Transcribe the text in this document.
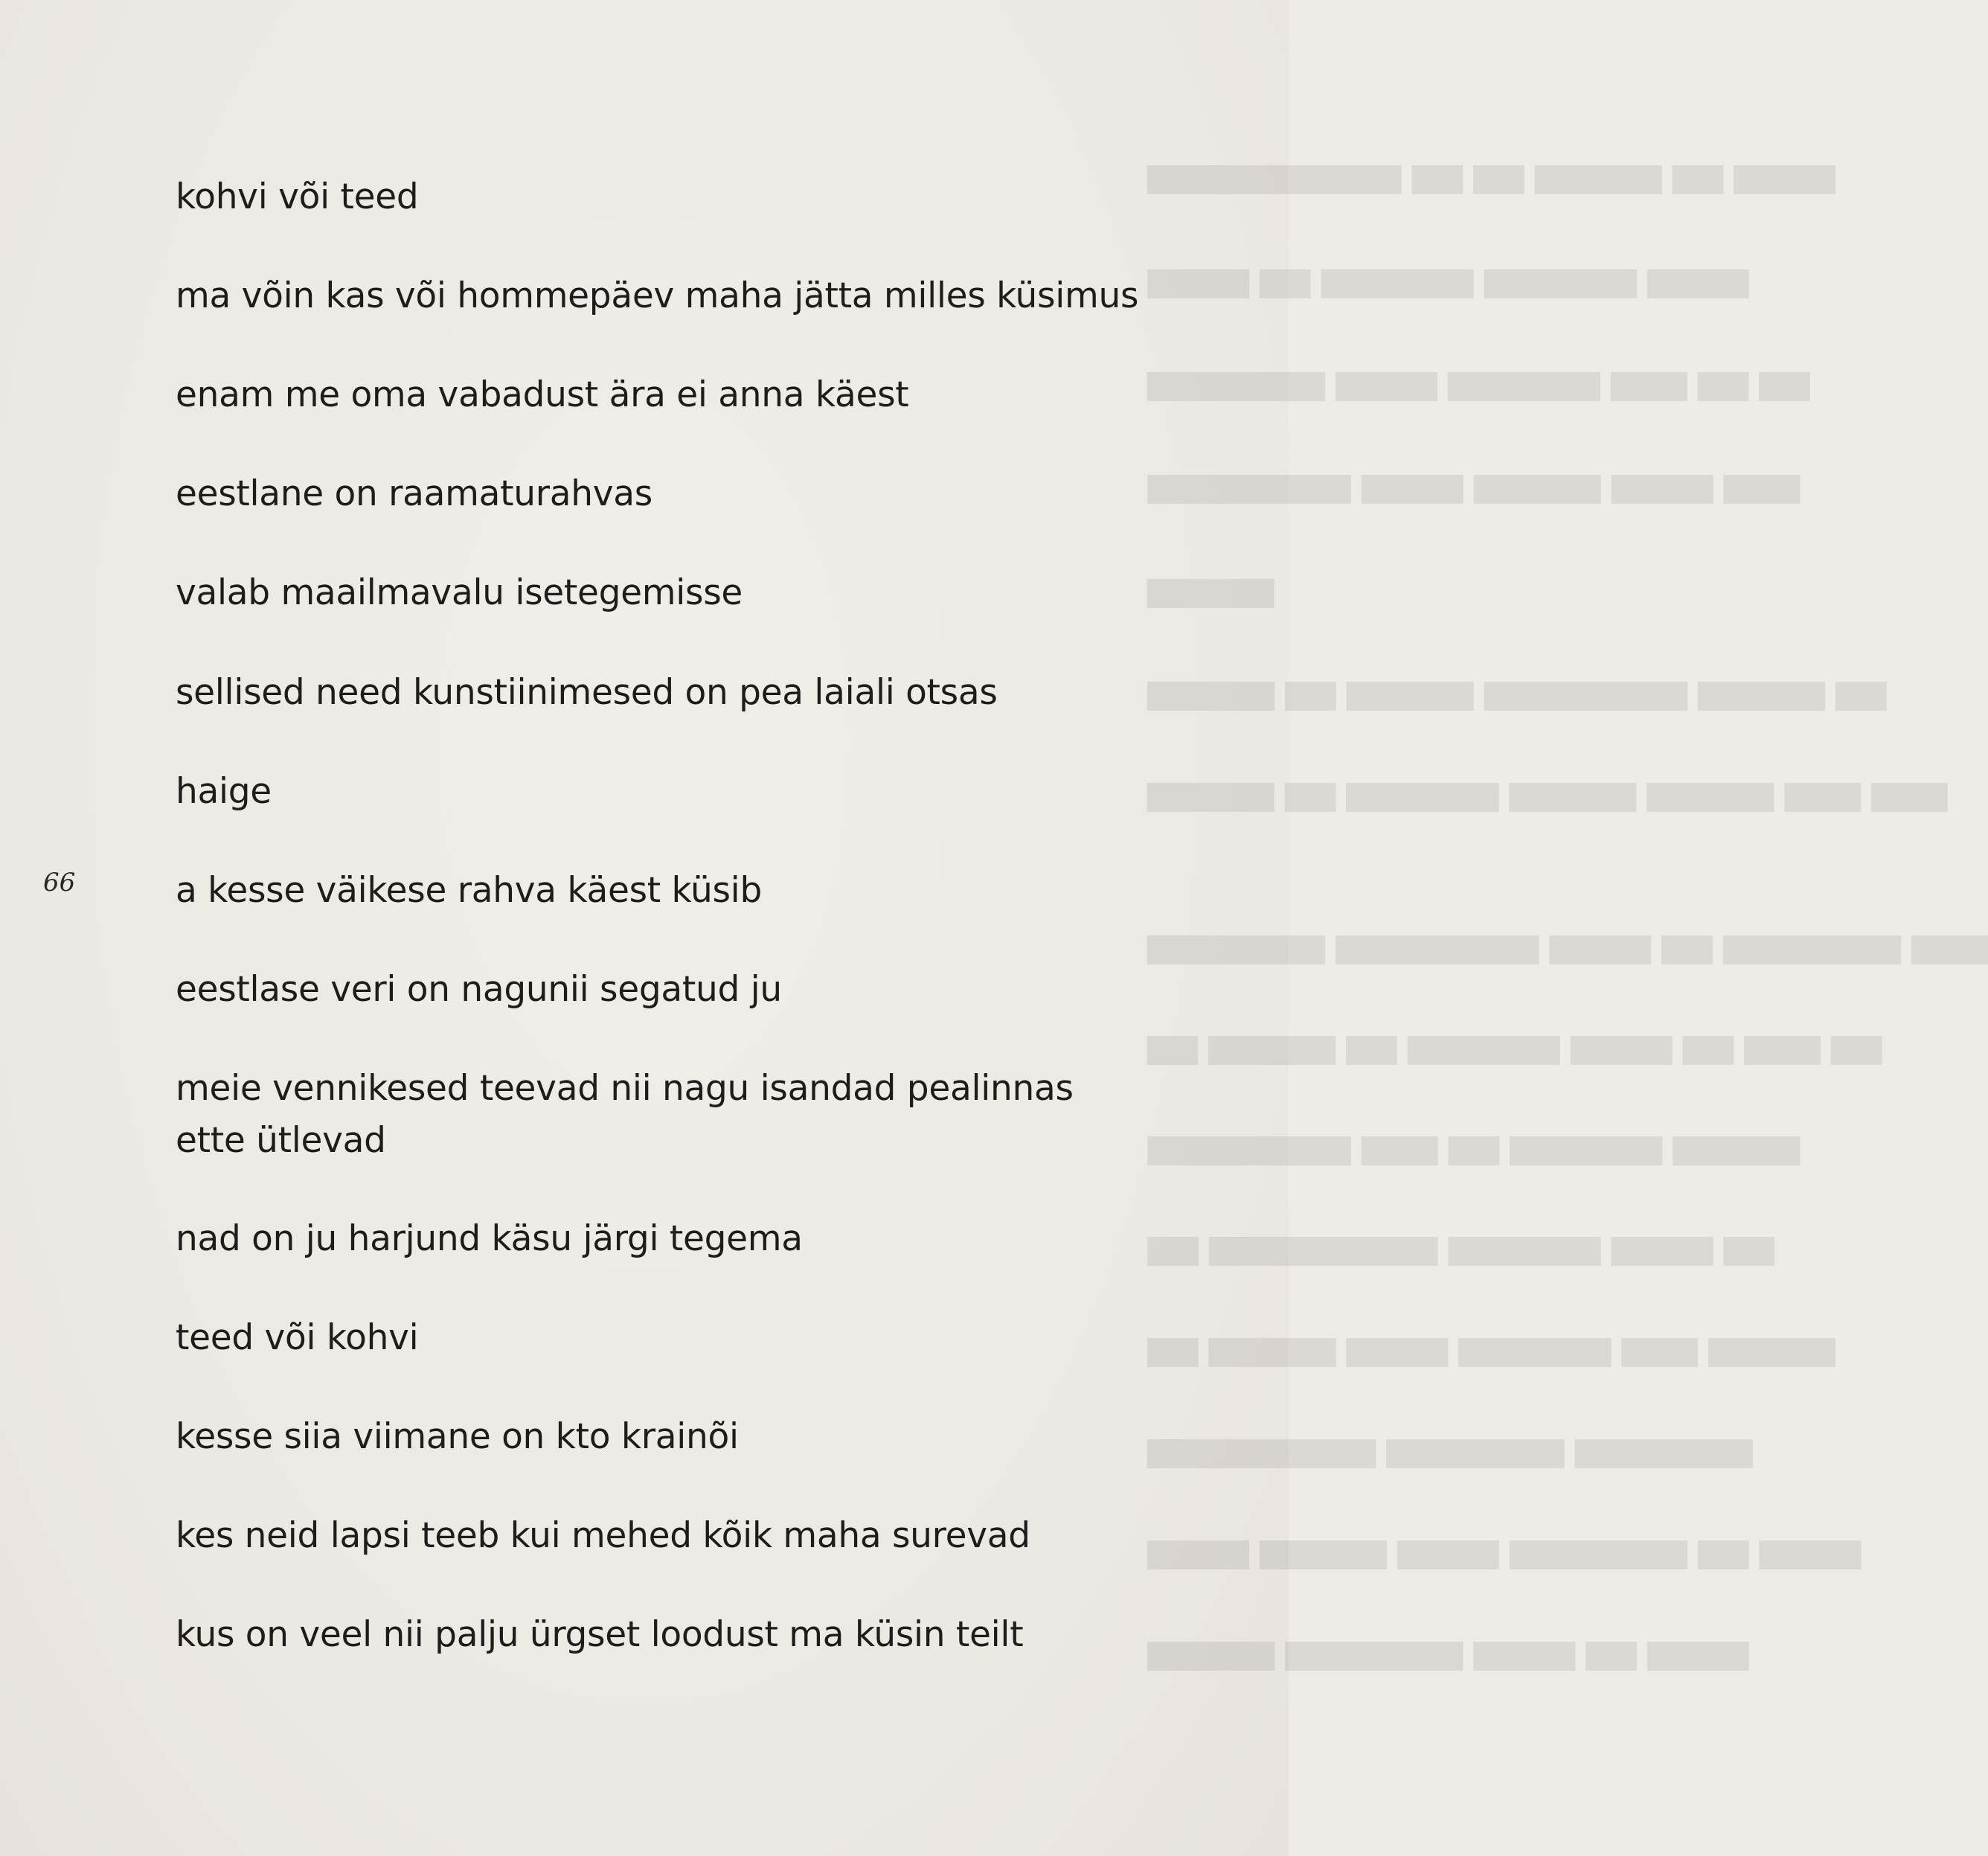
​▆▆▆▆ ▆▆ ▆▆▆▆▆ ▆▆ ▆▆ ▆▆▆▆▆▆▆▆▆▆
▆▆▆▆ ▆▆▆▆▆▆ ▆▆▆▆▆▆ ▆▆ ▆▆▆▆
▆▆ ▆▆ ▆▆▆ ▆▆▆▆▆▆ ▆▆▆▆ ▆▆▆▆▆▆▆
▆▆▆ ▆▆▆▆ ▆▆▆▆▆ ▆▆▆▆ ▆▆▆▆▆▆▆▆
▆▆▆▆▆
▆▆ ▆▆▆▆▆ ▆▆▆▆▆▆▆▆ ▆▆▆▆▆ ▆▆ ▆▆▆▆▆
▆▆▆ ▆▆▆ ▆▆▆▆▆ ▆▆▆▆▆ ▆▆▆▆▆▆ ▆▆ ▆▆▆▆▆
▆▆▆ ▆▆▆▆▆▆▆ ▆▆ ▆▆▆▆ ▆▆▆▆▆▆▆▆ ▆▆▆▆▆▆▆
▆▆ ▆▆▆ ▆▆ ▆▆▆▆ ▆▆▆▆▆▆ ▆▆ ▆▆▆▆▆ ▆▆
▆▆▆▆▆ ▆▆▆▆▆▆ ▆▆ ▆▆▆ ▆▆▆▆▆▆▆▆
▆▆ ▆▆▆▆ ▆▆▆▆▆▆ ▆▆▆▆▆▆▆▆▆ ▆▆
▆▆▆▆▆ ▆▆▆ ▆▆▆▆▆▆ ▆▆▆▆ ▆▆▆▆▆ ▆▆
▆▆▆▆▆▆▆ ▆▆▆▆▆▆▆ ▆▆▆▆▆▆▆▆▆
▆▆▆▆ ▆▆ ▆▆▆▆▆▆▆ ▆▆▆▆ ▆▆▆▆▆ ▆▆▆▆
▆▆▆▆ ▆▆ ▆▆▆▆ ▆▆▆▆▆▆▆ ▆▆▆▆▆
66
kohvi või teed
ma võin kas või hommepäev maha jätta milles küsimus
enam me oma vabadust ära ei anna käest
eestlane on raamaturahvas
valab maailmavalu isetegemisse
sellised need kunstiinimesed on pea laiali otsas
haige
a kesse väikese rahva käest küsib
eestlase veri on nagunii segatud ju
meie vennikesed teevad nii nagu isandad pealinnas ette ütlevad
nad on ju harjund käsu järgi tegema
teed või kohvi
kesse siia viimane on kto krainõi
kes neid lapsi teeb kui mehed kõik maha surevad
kus on veel nii palju ürgset loodust ma küsin teilt
